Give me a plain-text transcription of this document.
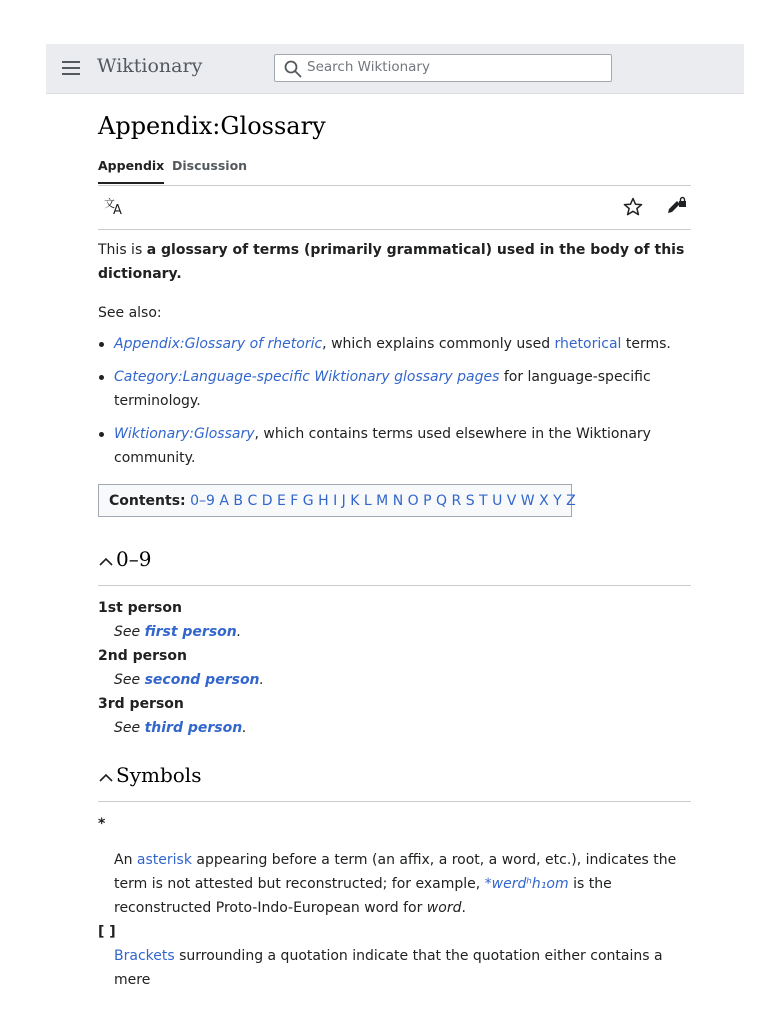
Wiktionary
Search Wiktionary
Appendix:Glossary
Appendix Discussion
文
A

This is a glossary of terms (primarily grammatical) used in the body of this dictionary.

See also:

Appendix:Glossary of rhetoric, which explains commonly used rhetorical terms.
Category:Language-specific Wiktionary glossary pages for language-specific terminology.
Wiktionary:Glossary, which contains terms used elsewhere in the Wiktionary community.
Contents: 0–9 A B C D E F G H I J K L M N O P Q R S T U V W X Y Z
0–9
1st person
See first person.
2nd person
See second person.
3rd person
See third person.
Symbols
*
An asterisk appearing before a term (an affix, a root, a word, etc.), indicates the term is not attested but reconstructed; for example, *werdʰh₁om is the reconstructed Proto-Indo-European word for word.
[ ]
Brackets surrounding a quotation indicate that the quotation either contains a mere
